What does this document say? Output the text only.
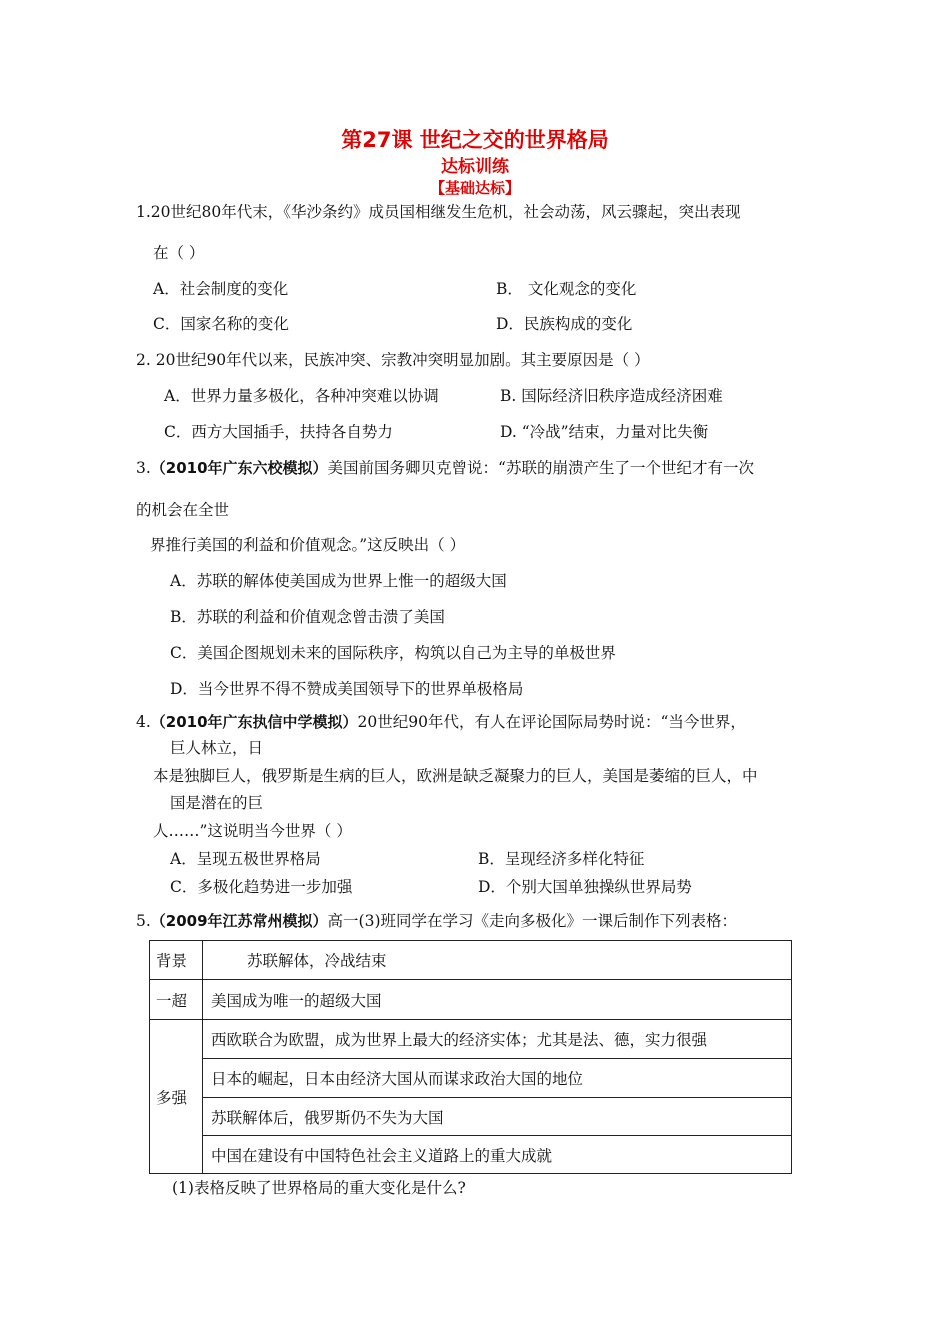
第27课 世纪之交的世界格局
达标训练
【基础达标】
1.20世纪80年代末，《华沙条约》成员国相继发生危机，社会动荡，风云骤起，突出表现
在（ ）
A．社会制度的变化	B． 文化观念的变化
C．国家名称的变化	D．民族构成的变化
2. 20世纪90年代以来，民族冲突、宗教冲突明显加剧。其主要原因是（ ）
A．世界力量多极化，各种冲突难以协调	B. 国际经济旧秩序造成经济困难
C．西方大国插手，扶持各自势力	D. “冷战”结束，力量对比失衡
3.（2010年广东六校模拟）美国前国务卿贝克曾说：“苏联的崩溃产生了一个世纪才有一次
的机会在全世
界推行美国的利益和价值观念。”这反映出（ ）
A．苏联的解体使美国成为世界上惟一的超级大国
B．苏联的利益和价值观念曾击溃了美国
C．美国企图规划未来的国际秩序，构筑以自己为主导的单极世界
D．当今世界不得不赞成美国领导下的世界单极格局
4.（2010年广东执信中学模拟）20世纪90年代，有人在评论国际局势时说：“当今世界，
巨人林立，日
本是独脚巨人，俄罗斯是生病的巨人，欧洲是缺乏凝聚力的巨人，美国是萎缩的巨人，中
国是潜在的巨
人……”这说明当今世界（ ）
A．呈现五极世界格局	B．呈现经济多样化特征
C．多极化趋势进一步加强	D．个别大国单独操纵世界局势
5.（2009年江苏常州模拟）高一(3)班同学在学习《走向多极化》一课后制作下列表格：
背景	苏联解体，冷战结束
一超	美国成为唯一的超级大国
多强	西欧联合为欧盟，成为世界上最大的经济实体；尤其是法、德，实力很强
	日本的崛起，日本由经济大国从而谋求政治大国的地位
	苏联解体后，俄罗斯仍不失为大国
	中国在建设有中国特色社会主义道路上的重大成就
(1)表格反映了世界格局的重大变化是什么?
